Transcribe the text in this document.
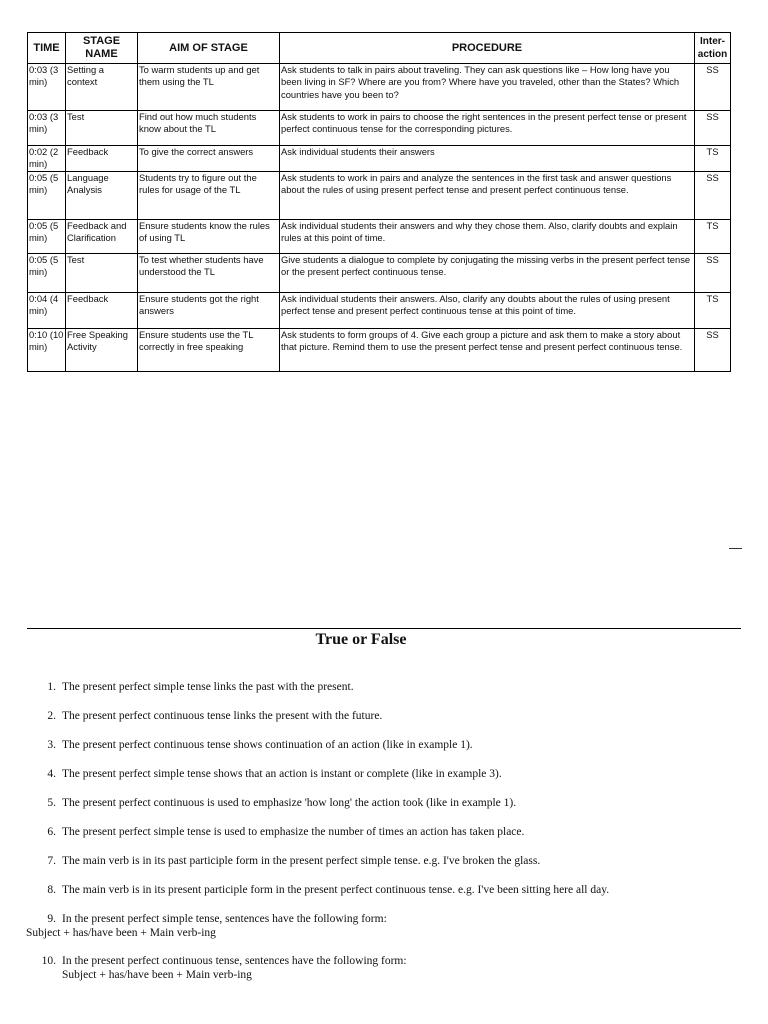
TIME	STAGE NAME	AIM OF STAGE	PROCEDURE	Inter-action
0:03 (3 min)	Setting a context	To warm students up and get them using the TL	Ask students to talk in pairs about traveling. They can ask questions like – How long have you been living in SF? Where are you from? Where have you traveled, other than the States? Which countries have you been to?	SS
0:03 (3 min)	Test	Find out how much students know about the TL	Ask students to work in pairs to choose the right sentences in the present perfect tense or present perfect continuous tense for the corresponding pictures.	SS
0:02 (2 min)	Feedback	To give the correct answers	Ask individual students their answers	TS
0:05 (5 min)	Language Analysis	Students try to figure out the rules for usage of the TL	Ask students to work in pairs and analyze the sentences in the first task and answer questions about the rules of using present perfect tense and present perfect continuous tense.	SS
0:05 (5 min)	Feedback and Clarification	Ensure students know the rules of using TL	Ask individual students their answers and why they chose them. Also, clarify doubts and explain rules at this point of time.	TS
0:05 (5 min)	Test	To test whether students have understood the TL	Give students a dialogue to complete by conjugating the missing verbs in the present perfect tense or the present perfect continuous tense.	SS
0:04 (4 min)	Feedback	Ensure students got the right answers	Ask individual students their answers. Also, clarify any doubts about the rules of using present perfect tense and present perfect continuous tense at this point of time.	TS
0:10 (10 min)	Free Speaking Activity	Ensure students use the TL correctly in free speaking	Ask students to form groups of 4. Give each group a picture and ask them to make a story about that picture. Remind them to use the present perfect tense and present perfect continuous tense.	SS
—
True or False
1. The present perfect simple tense links the past with the present.
2. The present perfect continuous tense links the present with the future.
3. The present perfect continuous tense shows continuation of an action (like in example 1).
4. The present perfect simple tense shows that an action is instant or complete (like in example 3).
5. The present perfect continuous is used to emphasize 'how long' the action took (like in example 1).
6. The present perfect simple tense is used to emphasize the number of times an action has taken place.
7. The main verb is in its past participle form in the present perfect simple tense. e.g. I've broken the glass.
8. The main verb is in its present participle form in the present perfect continuous tense. e.g. I've been sitting here all day.
9. In the present perfect simple tense, sentences have the following form:
Subject + has/have been + Main verb-ing
10. In the present perfect continuous tense, sentences have the following form:
Subject + has/have been + Main verb-ing
